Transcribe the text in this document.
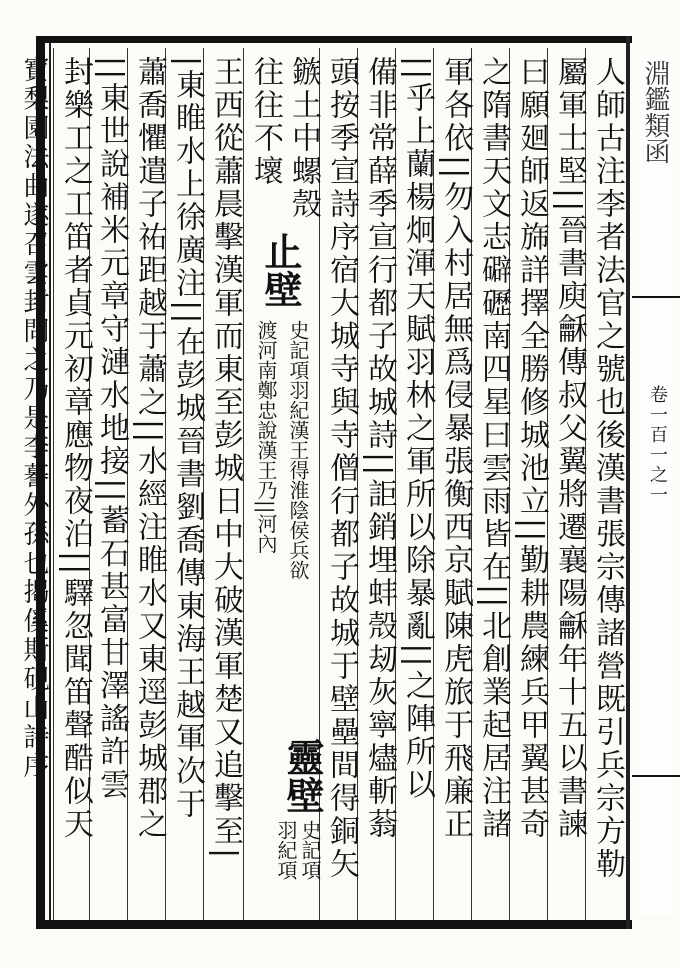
人師古注李者法官之號也後漢書張宗傳諸營既引兵宗方勒
屬軍士堅||晉書庾龢傳叔父翼將遷襄陽龢年十五以書諫
曰願廻師返旆詳擇全勝修城池立||勤耕農練兵甲翼甚奇
之隋書天文志礔礰南四星曰雲雨皆在||北創業起居注諸
軍各依||勿入村居無爲侵暴張衡西京賦陳虎旅于飛廉正
||乎上蘭楊炯渾天賦羽林之軍所以除暴亂||之陣所以
備非常薛季宣行都子故城詩||詎銷埋蚌殼刼灰寧燼斬蓊
頭按季宣詩序宿大城寺與寺僧行都子故城于壁壘間得銅矢
鏃土中螺殼
往往不壞
止壁
史記項羽紀漢王得淮陰侯兵欲
渡河南鄭忠說漢王乃||河內
靈壁
史記項
羽紀項
王西從蕭晨擊漢軍而東至彭城日中大破漢軍楚又追擊至|
|東睢水上徐廣注||在彭城晉書劉喬傳東海王越軍次于
蕭喬懼遣子祐距越于蕭之||水經注睢水又東逕彭城郡之
||東世說補米元章守漣水地接||蓄石甚富甘澤謠許雲
封樂工之工笛者貞元初章應物夜泊||驛忽聞笛聲酷似天
寶梨園法曲遂召雲封問之乃是李謩外孫也揭傒斯硯山詩序	淵鑑類函
卷一百一之一
